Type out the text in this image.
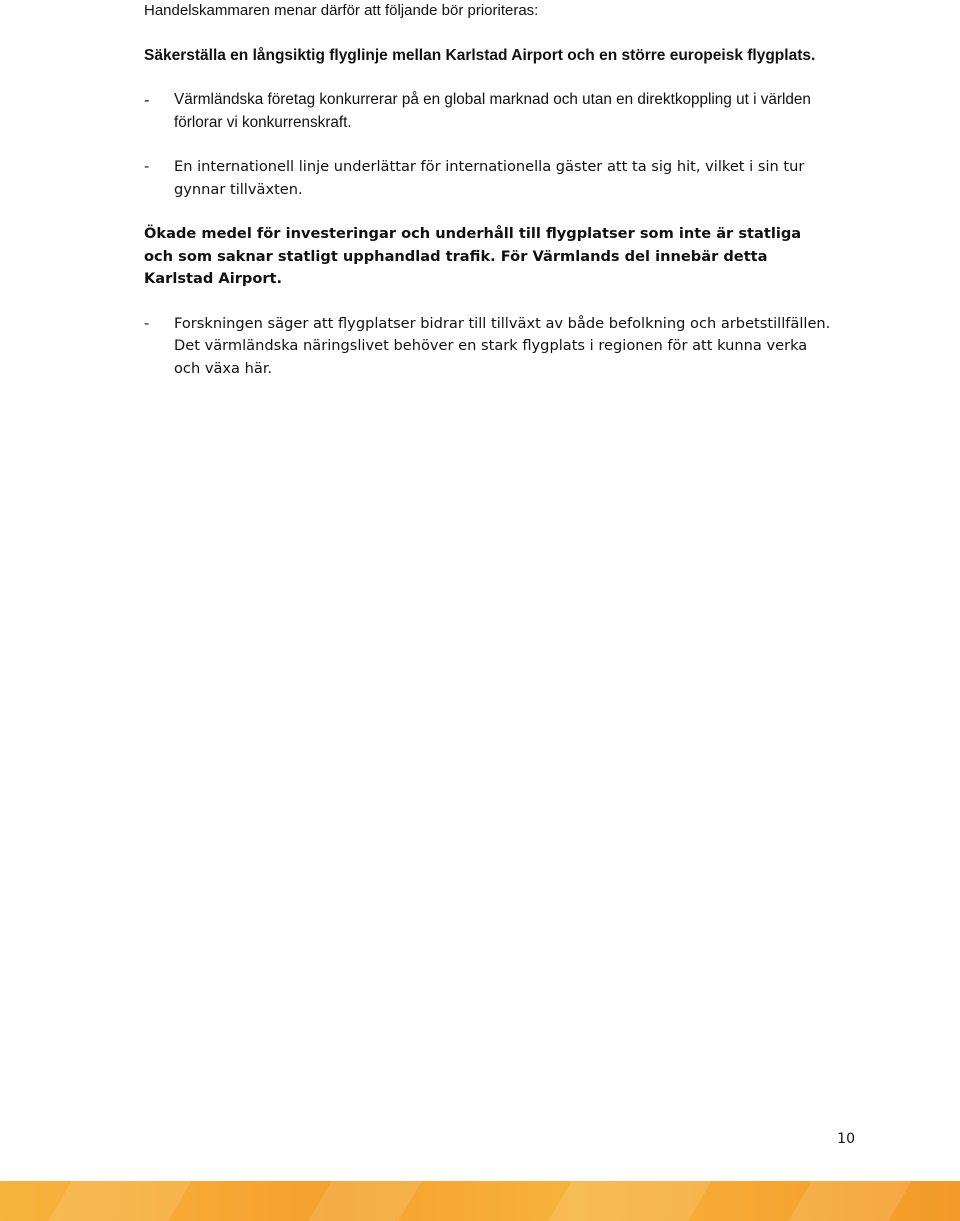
Handelskammaren menar därför att följande bör prioriteras:

Säkerställa en långsiktig flyglinje mellan Karlstad Airport och en större europeisk flygplats.

- Värmländska företag konkurrerar på en global marknad och utan en direktkoppling ut i världen förlorar vi konkurrenskraft.
- En internationell linje underlättar för internationella gäster att ta sig hit, vilket i sin tur gynnar tillväxten.

Ökade medel för investeringar och underhåll till flygplatser som inte är statliga och som saknar statligt upphandlad trafik. För Värmlands del innebär detta Karlstad Airport.

- Forskningen säger att flygplatser bidrar till tillväxt av både befolkning och arbetstillfällen. Det värmländska näringslivet behöver en stark flygplats i regionen för att kunna verka och växa här.
10
